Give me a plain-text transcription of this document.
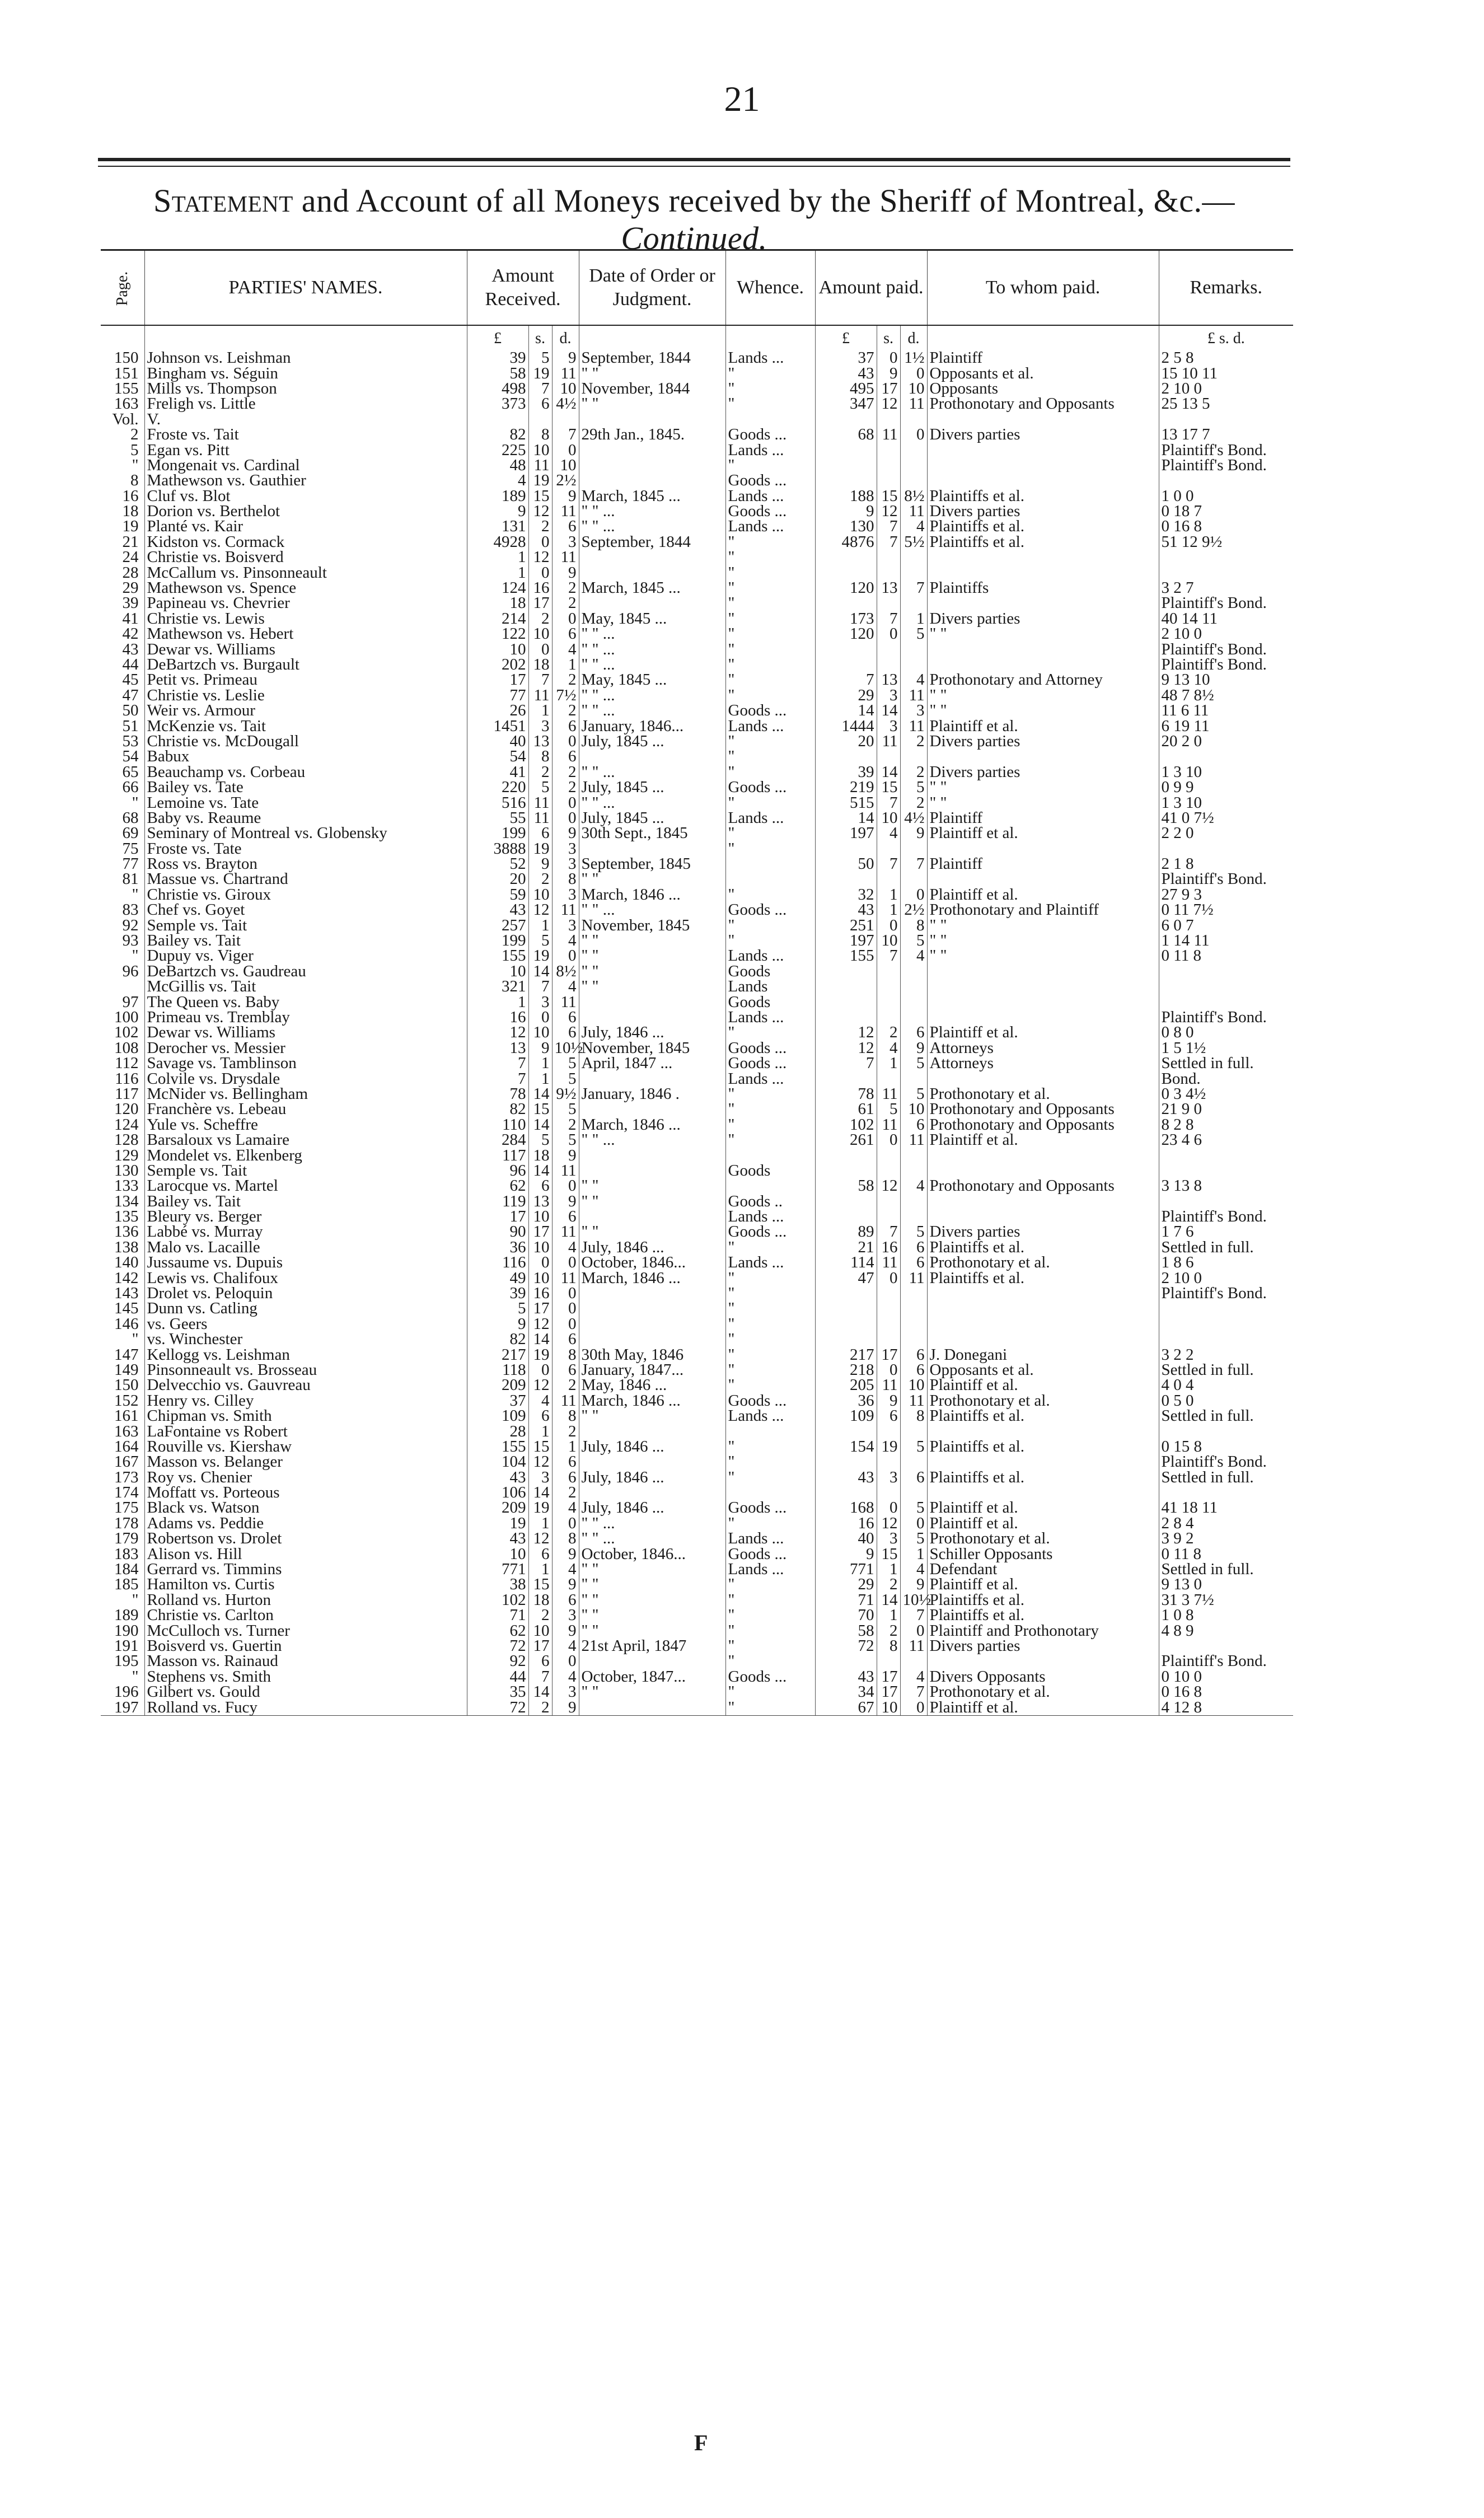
21
Statement and Account of all Moneys received by the Sheriff of Montreal, &c.—Continued.
Page.	PARTIES' NAMES.	Amount Received.			Date of Order or Judgment.	Whence.	Amount paid.			To whom paid.	Remarks.
		£	s.	d.			£	s.	d.		£ s. d.
150	Johnson vs. Leishman	39	5	9	September, 1844	Lands ...	37	0	1½	Plaintiff	2 5 8
151	Bingham vs. Séguin	58	19	11	" "	"	43	9	0	Opposants et al.	15 10 11
155	Mills vs. Thompson	498	7	10	November, 1844	"	495	17	10	Opposants	2 10 0
163	Freligh vs. Little	373	6	4½	" "	"	347	12	11	Prothonotary and Opposants	25 13 5
Vol.	V.										
2	Froste vs. Tait	82	8	7	29th Jan., 1845.	Goods ...	68	11	0	Divers parties	13 17 7
5	Egan vs. Pitt	225	10	0		Lands ...					Plaintiff's Bond.
"	Mongenait vs. Cardinal	48	11	10		"					Plaintiff's Bond.
8	Mathewson vs. Gauthier	4	19	2½		Goods ...					
16	Cluf vs. Blot	189	15	9	March, 1845 ...	Lands ...	188	15	8½	Plaintiffs et al.	1 0 0
18	Dorion vs. Berthelot	9	12	11	" " ...	Goods ...	9	12	11	Divers parties	0 18 7
19	Planté vs. Kair	131	2	6	" " ...	Lands ...	130	7	4	Plaintiffs et al.	0 16 8
21	Kidston vs. Cormack	4928	0	3	September, 1844	"	4876	7	5½	Plaintiffs et al.	51 12 9½
24	Christie vs. Boisverd	1	12	11		"					
28	McCallum vs. Pinsonneault	1	0	9		"					
29	Mathewson vs. Spence	124	16	2	March, 1845 ...	"	120	13	7	Plaintiffs	3 2 7
39	Papineau vs. Chevrier	18	17	2		"					Plaintiff's Bond.
41	Christie vs. Lewis	214	2	0	May, 1845 ...	"	173	7	1	Divers parties	40 14 11
42	Mathewson vs. Hebert	122	10	6	" " ...	"	120	0	5	" "	2 10 0
43	Dewar vs. Williams	10	0	4	" " ...	"					Plaintiff's Bond.
44	DeBartzch vs. Burgault	202	18	1	" " ...	"					Plaintiff's Bond.
45	Petit vs. Primeau	17	7	2	May, 1845 ...	"	7	13	4	Prothonotary and Attorney	9 13 10
47	Christie vs. Leslie	77	11	7½	" " ...	"	29	3	11	" "	48 7 8½
50	Weir vs. Armour	26	1	2	" " ...	Goods ...	14	14	3	" "	11 6 11
51	McKenzie vs. Tait	1451	3	6	January, 1846...	Lands ...	1444	3	11	Plaintiff et al.	6 19 11
53	Christie vs. McDougall	40	13	0	July, 1845 ...	"	20	11	2	Divers parties	20 2 0
54	Babux	54	8	6		"					
65	Beauchamp vs. Corbeau	41	2	2	" " ...	"	39	14	2	Divers parties	1 3 10
66	Bailey vs. Tate	220	5	2	July, 1845 ...	Goods ...	219	15	5	" "	0 9 9
"	Lemoine vs. Tate	516	11	0	" " ...	"	515	7	2	" "	1 3 10
68	Baby vs. Reaume	55	11	0	July, 1845 ...	Lands ...	14	10	4½	Plaintiff	41 0 7½
69	Seminary of Montreal vs. Globensky	199	6	9	30th Sept., 1845	"	197	4	9	Plaintiff et al.	2 2 0
75	Froste vs. Tate	3888	19	3		"					
77	Ross vs. Brayton	52	9	3	September, 1845		50	7	7	Plaintiff	2 1 8
81	Massue vs. Chartrand	20	2	8	" "						Plaintiff's Bond.
"	Christie vs. Giroux	59	10	3	March, 1846 ...	"	32	1	0	Plaintiff et al.	27 9 3
83	Chef vs. Goyet	43	12	11	" " ...	Goods ...	43	1	2½	Prothonotary and Plaintiff	0 11 7½
92	Semple vs. Tait	257	1	3	November, 1845	"	251	0	8	" "	6 0 7
93	Bailey vs. Tait	199	5	4	" "	"	197	10	5	" "	1 14 11
"	Dupuy vs. Viger	155	19	0	" "	Lands ...	155	7	4	" "	0 11 8
96	DeBartzch vs. Gaudreau	10	14	8½	" "	Goods					
	McGillis vs. Tait	321	7	4	" "	Lands					
97	The Queen vs. Baby	1	3	11		Goods					
100	Primeau vs. Tremblay	16	0	6		Lands ...					Plaintiff's Bond.
102	Dewar vs. Williams	12	10	6	July, 1846 ...	"	12	2	6	Plaintiff et al.	0 8 0
108	Derocher vs. Messier	13	9	10½	November, 1845	Goods ...	12	4	9	Attorneys	1 5 1½
112	Savage vs. Tamblinson	7	1	5	April, 1847 ...	Goods ...	7	1	5	Attorneys	Settled in full.
116	Colvile vs. Drysdale	7	1	5		Lands ...					Bond.
117	McNider vs. Bellingham	78	14	9½	January, 1846 .	"	78	11	5	Prothonotary et al.	0 3 4½
120	Franchère vs. Lebeau	82	15	5		"	61	5	10	Prothonotary and Opposants	21 9 0
124	Yule vs. Scheffre	110	14	2	March, 1846 ...	"	102	11	6	Prothonotary and Opposants	8 2 8
128	Barsaloux vs Lamaire	284	5	5	" " ...	"	261	0	11	Plaintiff et al.	23 4 6
129	Mondelet vs. Elkenberg	117	18	9							
130	Semple vs. Tait	96	14	11		Goods					
133	Larocque vs. Martel	62	6	0	" "		58	12	4	Prothonotary and Opposants	3 13 8
134	Bailey vs. Tait	119	13	9	" "	Goods ..					
135	Bleury vs. Berger	17	10	6		Lands ...					Plaintiff's Bond.
136	Labbé vs. Murray	90	17	11	" "	Goods ...	89	7	5	Divers parties	1 7 6
138	Malo vs. Lacaille	36	10	4	July, 1846 ...	"	21	16	6	Plaintiffs et al.	Settled in full.
140	Jussaume vs. Dupuis	116	0	0	October, 1846...	Lands ...	114	11	6	Prothonotary et al.	1 8 6
142	Lewis vs. Chalifoux	49	10	11	March, 1846 ...	"	47	0	11	Plaintiffs et al.	2 10 0
143	Drolet vs. Peloquin	39	16	0		"					Plaintiff's Bond.
145	Dunn vs. Catling	5	17	0		"					
146	vs. Geers	9	12	0		"					
"	vs. Winchester	82	14	6		"					
147	Kellogg vs. Leishman	217	19	8	30th May, 1846	"	217	17	6	J. Donegani	3 2 2
149	Pinsonneault vs. Brosseau	118	0	6	January, 1847...	"	218	0	6	Opposants et al.	Settled in full.
150	Delvecchio vs. Gauvreau	209	12	2	May, 1846 ...	"	205	11	10	Plaintiff et al.	4 0 4
152	Henry vs. Cilley	37	4	11	March, 1846 ...	Goods ...	36	9	11	Prothonotary et al.	0 5 0
161	Chipman vs. Smith	109	6	8	" "	Lands ...	109	6	8	Plaintiffs et al.	Settled in full.
163	LaFontaine vs Robert	28	1	2							
164	Rouville vs. Kiershaw	155	15	1	July, 1846 ...	"	154	19	5	Plaintiffs et al.	0 15 8
167	Masson vs. Belanger	104	12	6		"					Plaintiff's Bond.
173	Roy vs. Chenier	43	3	6	July, 1846 ...	"	43	3	6	Plaintiffs et al.	Settled in full.
174	Moffatt vs. Porteous	106	14	2							
175	Black vs. Watson	209	19	4	July, 1846 ...	Goods ...	168	0	5	Plaintiff et al.	41 18 11
178	Adams vs. Peddie	19	1	0	" " ...	"	16	12	0	Plaintiff et al.	2 8 4
179	Robertson vs. Drolet	43	12	8	" " ...	Lands ...	40	3	5	Prothonotary et al.	3 9 2
183	Alison vs. Hill	10	6	9	October, 1846...	Goods ...	9	15	1	Schiller Opposants	0 11 8
184	Gerrard vs. Timmins	771	1	4	" "	Lands ...	771	1	4	Defendant	Settled in full.
185	Hamilton vs. Curtis	38	15	9	" "	"	29	2	9	Plaintiff et al.	9 13 0
"	Rolland vs. Hurton	102	18	6	" "	"	71	14	10½	Plaintiffs et al.	31 3 7½
189	Christie vs. Carlton	71	2	3	" "	"	70	1	7	Plaintiffs et al.	1 0 8
190	McCulloch vs. Turner	62	10	9	" "	"	58	2	0	Plaintiff and Prothonotary	4 8 9
191	Boisverd vs. Guertin	72	17	4	21st April, 1847	"	72	8	11	Divers parties	
195	Masson vs. Rainaud	92	6	0		"					Plaintiff's Bond.
"	Stephens vs. Smith	44	7	4	October, 1847...	Goods ...	43	17	4	Divers Opposants	0 10 0
196	Gilbert vs. Gould	35	14	3	" "	"	34	17	7	Prothonotary et al.	0 16 8
197	Rolland vs. Fucy	72	2	9		"	67	10	0	Plaintiff et al.	4 12 8
F
